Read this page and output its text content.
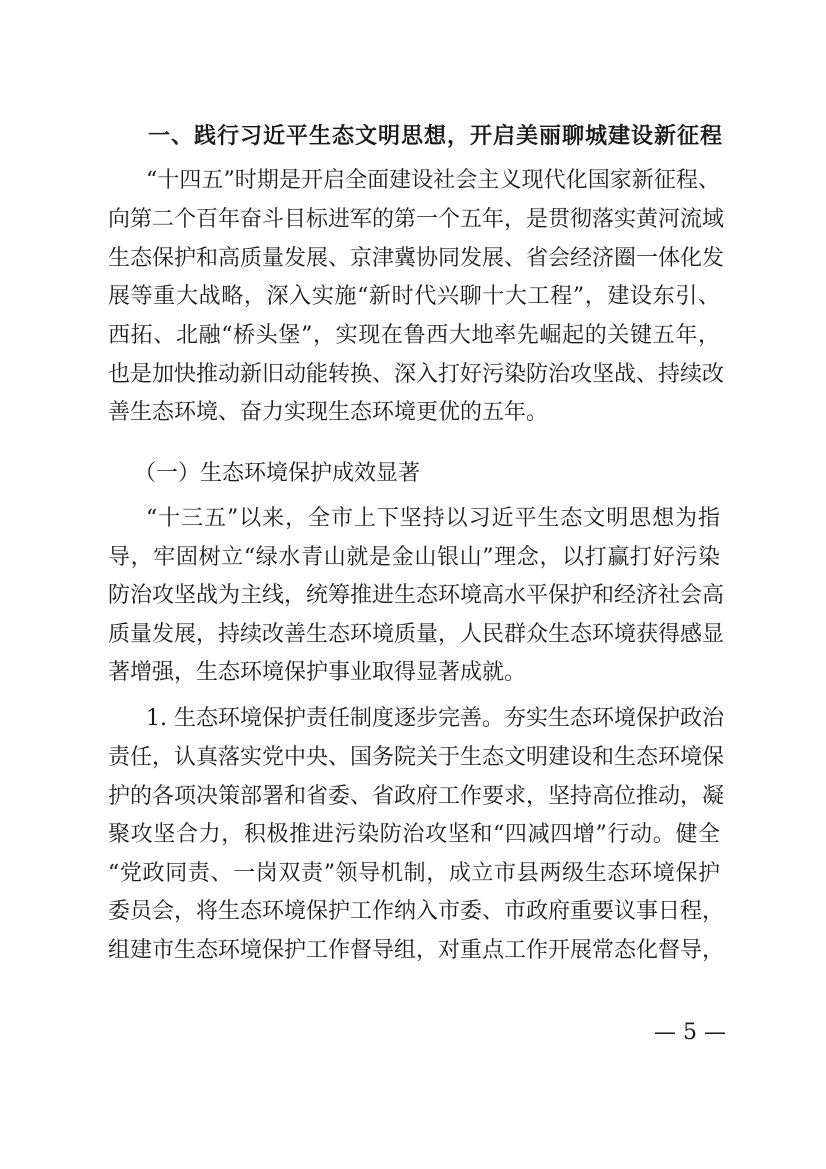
一、践行习近平生态文明思想，开启美丽聊城建设新征程
“十四五”时期是开启全面建设社会主义现代化国家新征程、
向第二个百年奋斗目标进军的第一个五年，是贯彻落实黄河流域
生态保护和高质量发展、京津冀协同发展、省会经济圈一体化发
展等重大战略，深入实施“新时代兴聊十大工程”，建设东引、
西拓、北融“桥头堡”，实现在鲁西大地率先崛起的关键五年，
也是加快推动新旧动能转换、深入打好污染防治攻坚战、持续改
善生态环境、奋力实现生态环境更优的五年。
（一）生态环境保护成效显著
“十三五”以来，全市上下坚持以习近平生态文明思想为指
导，牢固树立“绿水青山就是金山银山”理念，以打赢打好污染
防治攻坚战为主线，统筹推进生态环境高水平保护和经济社会高
质量发展，持续改善生态环境质量，人民群众生态环境获得感显
著增强，生态环境保护事业取得显著成就。
1. 生态环境保护责任制度逐步完善。夯实生态环境保护政治
责任，认真落实党中央、国务院关于生态文明建设和生态环境保
护的各项决策部署和省委、省政府工作要求，坚持高位推动，凝
聚攻坚合力，积极推进污染防治攻坚和“四减四增”行动。健全
“党政同责、一岗双责”领导机制，成立市县两级生态环境保护
委员会，将生态环境保护工作纳入市委、市政府重要议事日程，
组建市生态环境保护工作督导组，对重点工作开展常态化督导，
— 5 —
